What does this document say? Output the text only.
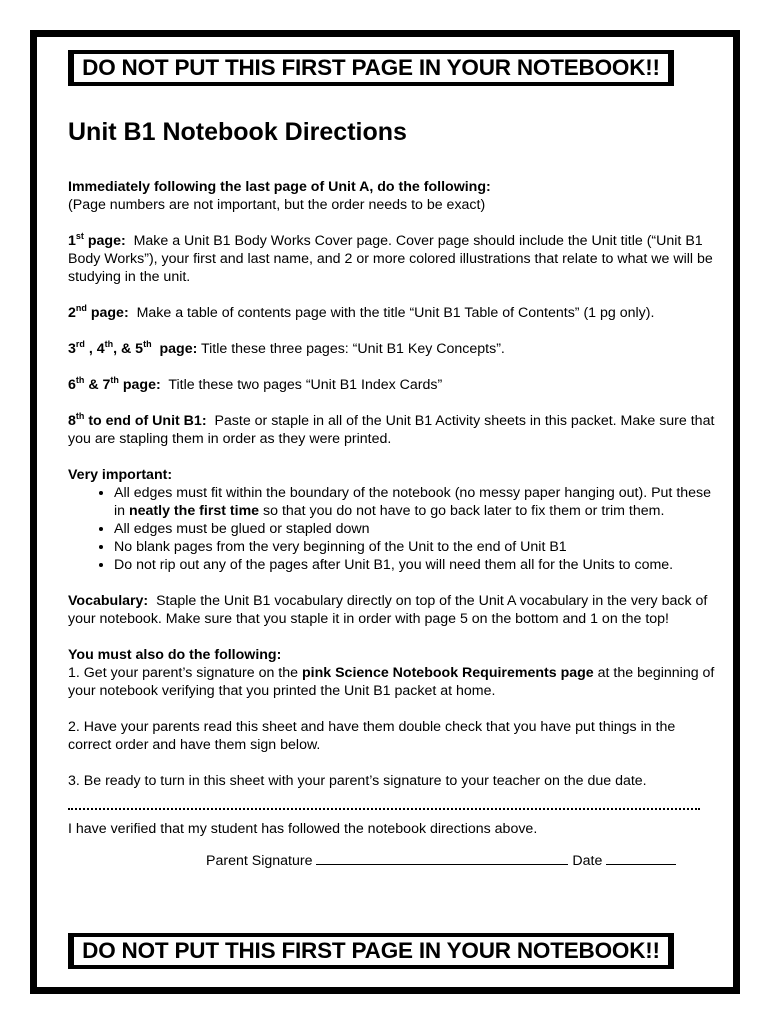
DO NOT PUT THIS FIRST PAGE IN YOUR NOTEBOOK!!
Unit B1 Notebook Directions

Immediately following the last page of Unit A, do the following:
(Page numbers are not important, but the order needs to be exact)

1st page: Make a Unit B1 Body Works Cover page. Cover page should include the Unit title (“Unit B1 Body Works”), your first and last name, and 2 or more colored illustrations that relate to what we will be studying in the unit.

2nd page: Make a table of contents page with the title “Unit B1 Table of Contents” (1 pg only).

3rd , 4th, & 5th  page: Title these three pages: “Unit B1 Key Concepts”.

6th & 7th page: Title these two pages “Unit B1 Index Cards”

8th to end of Unit B1: Paste or staple in all of the Unit B1 Activity sheets in this packet. Make sure that you are stapling them in order as they were printed.

Very important:
• All edges must fit within the boundary of the notebook (no messy paper hanging out). Put these in neatly the first time so that you do not have to go back later to fix them or trim them.
• All edges must be glued or stapled down
• No blank pages from the very beginning of the Unit to the end of Unit B1
• Do not rip out any of the pages after Unit B1, you will need them all for the Units to come.

Vocabulary: Staple the Unit B1 vocabulary directly on top of the Unit A vocabulary in the very back of your notebook. Make sure that you staple it in order with page 5 on the bottom and 1 on the top!

You must also do the following:
1. Get your parent’s signature on the pink Science Notebook Requirements page at the beginning of your notebook verifying that you printed the Unit B1 packet at home.

2. Have your parents read this sheet and have them double check that you have put things in the correct order and have them sign below.

3. Be ready to turn in this sheet with your parent’s signature to your teacher on the due date.

I have verified that my student has followed the notebook directions above.
Parent Signature	Date
DO NOT PUT THIS FIRST PAGE IN YOUR NOTEBOOK!!
